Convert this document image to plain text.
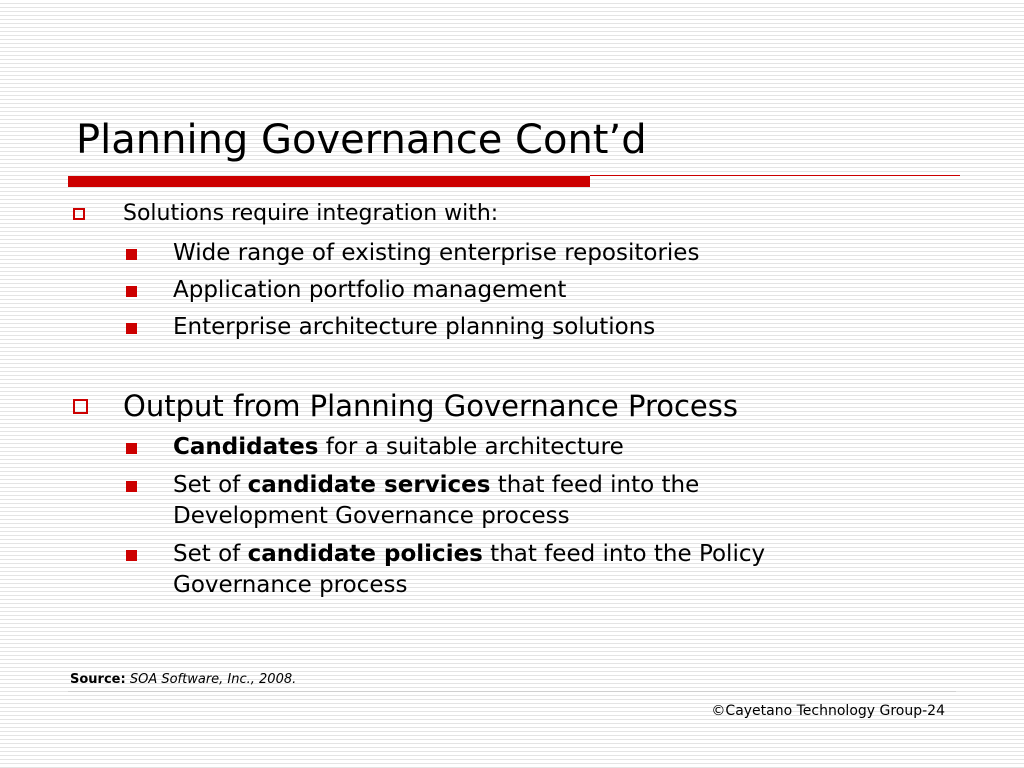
Planning Governance Cont’d
Solutions require integration with:
Wide range of existing enterprise repositories
Application portfolio management
Enterprise architecture planning solutions
Output from Planning Governance Process
Candidates for a suitable architecture
Set of candidate services that feed into the
Development Governance process
Set of candidate policies that feed into the Policy
Governance process
Source: SOA Software, Inc., 2008.
©Cayetano Technology Group-24
